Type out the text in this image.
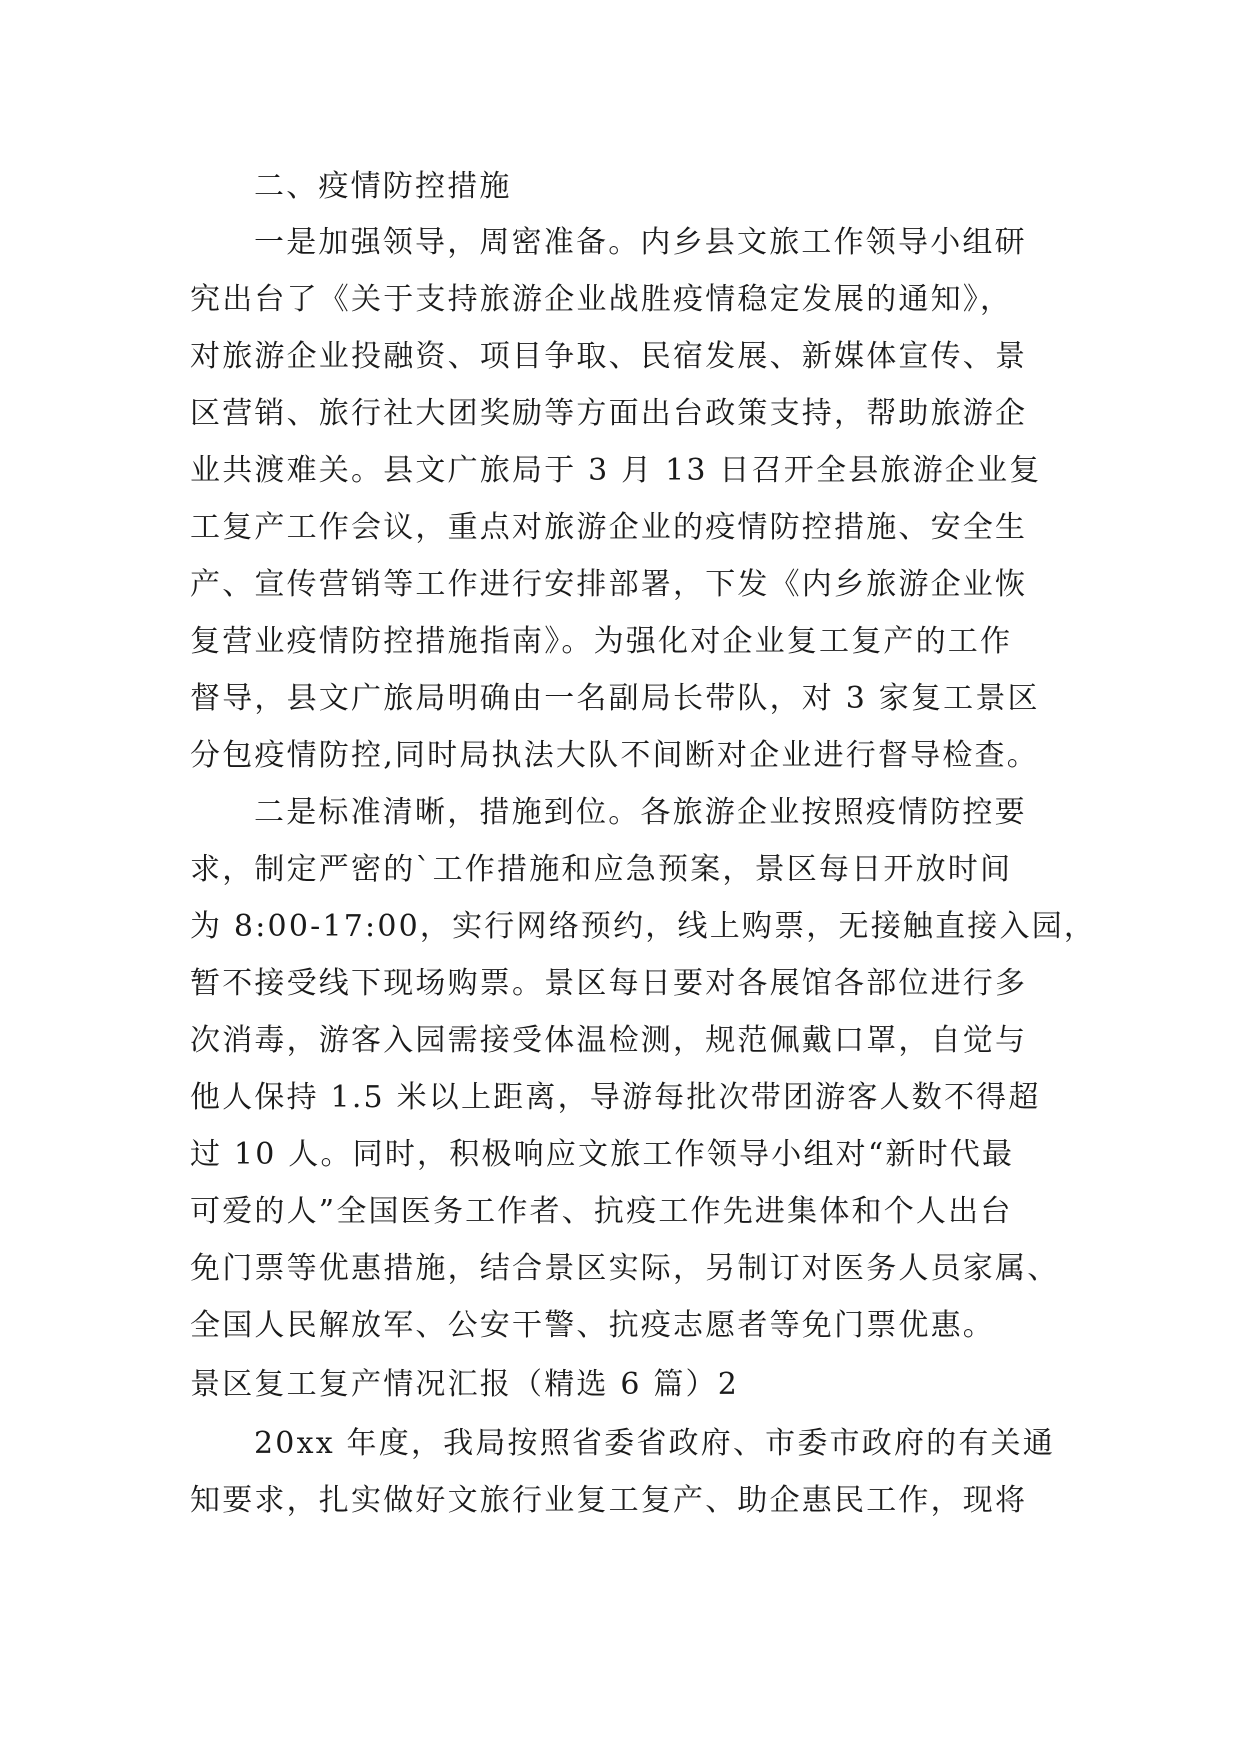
二、疫情防控措施
一是加强领导，周密准备。内乡县文旅工作领导小组研
究出台了《关于支持旅游企业战胜疫情稳定发展的通知》，
对旅游企业投融资、项目争取、民宿发展、新媒体宣传、景
区营销、旅行社大团奖励等方面出台政策支持，帮助旅游企
业共渡难关。县文广旅局于 3 月 13 日召开全县旅游企业复
工复产工作会议，重点对旅游企业的疫情防控措施、安全生
产、宣传营销等工作进行安排部署，下发《内乡旅游企业恢
复营业疫情防控措施指南》。为强化对企业复工复产的工作
督导，县文广旅局明确由一名副局长带队，对 3 家复工景区
分包疫情防控,同时局执法大队不间断对企业进行督导检查。
二是标准清晰，措施到位。各旅游企业按照疫情防控要
求，制定严密的`工作措施和应急预案，景区每日开放时间
为 8:00-17:00，实行网络预约，线上购票，无接触直接入园，
暂不接受线下现场购票。景区每日要对各展馆各部位进行多
次消毒，游客入园需接受体温检测，规范佩戴口罩，自觉与
他人保持 1.5 米以上距离，导游每批次带团游客人数不得超
过 10 人。同时，积极响应文旅工作领导小组对“新时代最
可爱的人”全国医务工作者、抗疫工作先进集体和个人出台
免门票等优惠措施，结合景区实际，另制订对医务人员家属、
全国人民解放军、公安干警、抗疫志愿者等免门票优惠。
景区复工复产情况汇报（精选 6 篇）2
20xx 年度，我局按照省委省政府、市委市政府的有关通
知要求，扎实做好文旅行业复工复产、助企惠民工作，现将
